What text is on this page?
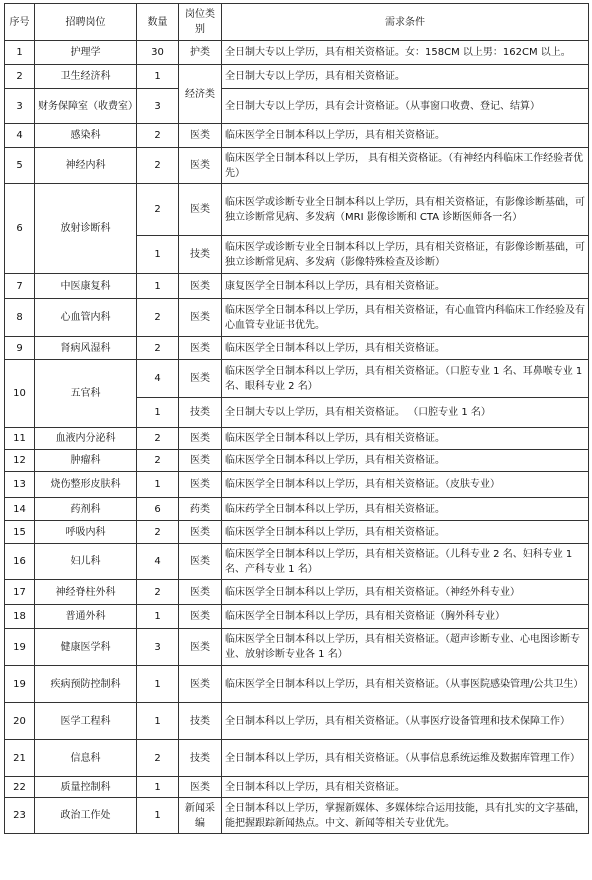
序号	招聘岗位	数量	岗位类别	需求条件
1	护理学	30	护类	全日制大专以上学历，具有相关资格证。女：158CM 以上男：162CM 以上。
2	卫生经济科	1	经济类	全日制大专以上学历，具有相关资格证。
3	财务保障室（收费室）	3		全日制大专以上学历，具有会计资格证。（从事窗口收费、登记、结算）
4	感染科	2	医类	临床医学全日制本科以上学历，具有相关资格证。
5	神经内科	2	医类	临床医学全日制本科以上学历， 具有相关资格证。（有神经内科临床工作经验者优先）
6	放射诊断科	2	医类	临床医学或诊断专业全日制本科以上学历，具有相关资格证，有影像诊断基础，可独立诊断常见病、多发病（MRI 影像诊断和 CTA 诊断医师各一名）
		1	技类	临床医学或诊断专业全日制本科以上学历，具有相关资格证，有影像诊断基础，可独立诊断常见病、多发病（影像特殊检查及诊断）
7	中医康复科	1	医类	康复医学全日制本科以上学历，具有相关资格证。
8	心血管内科	2	医类	临床医学全日制本科以上学历，具有相关资格证，有心血管内科临床工作经验及有心血管专业证书优先。
9	肾病风湿科	2	医类	临床医学全日制本科以上学历，具有相关资格证。
10	五官科	4	医类	临床医学全日制本科以上学历，具有相关资格证。（口腔专业 1 名、耳鼻喉专业 1 名、眼科专业 2 名）
		1	技类	全日制大专以上学历，具有相关资格证。 （口腔专业 1 名）
11	血液内分泌科	2	医类	临床医学全日制本科以上学历，具有相关资格证。
12	肿瘤科	2	医类	临床医学全日制本科以上学历，具有相关资格证。
13	烧伤整形皮肤科	1	医类	临床医学全日制本科以上学历，具有相关资格证。（皮肤专业）
14	药剂科	6	药类	临床药学全日制本科以上学历，具有相关资格证。
15	呼吸内科	2	医类	临床医学全日制本科以上学历，具有相关资格证。
16	妇儿科	4	医类	临床医学全日制本科以上学历，具有相关资格证。（儿科专业 2 名、妇科专业 1 名、产科专业 1 名）
17	神经脊柱外科	2	医类	临床医学全日制本科以上学历，具有相关资格证。（神经外科专业）
18	普通外科	1	医类	临床医学全日制本科以上学历，具有相关资格证（胸外科专业）
19	健康医学科	3	医类	临床医学全日制本科以上学历，具有相关资格证。（超声诊断专业、心电图诊断专业、放射诊断专业各 1 名）
19	疾病预防控制科	1	医类	临床医学全日制本科以上学历，具有相关资格证。（从事医院感染管理/公共卫生）
20	医学工程科	1	技类	全日制本科以上学历，具有相关资格证。（从事医疗设备管理和技术保障工作）
21	信息科	2	技类	全日制本科以上学历，具有相关资格证。（从事信息系统运维及数据库管理工作）
22	质量控制科	1	医类	全日制本科以上学历，具有相关资格证。
23	政治工作处	1	新闻采编	全日制本科以上学历，掌握新媒体、多媒体综合运用技能，具有扎实的文字基础，能把握跟踪新闻热点。中文、新闻等相关专业优先。
